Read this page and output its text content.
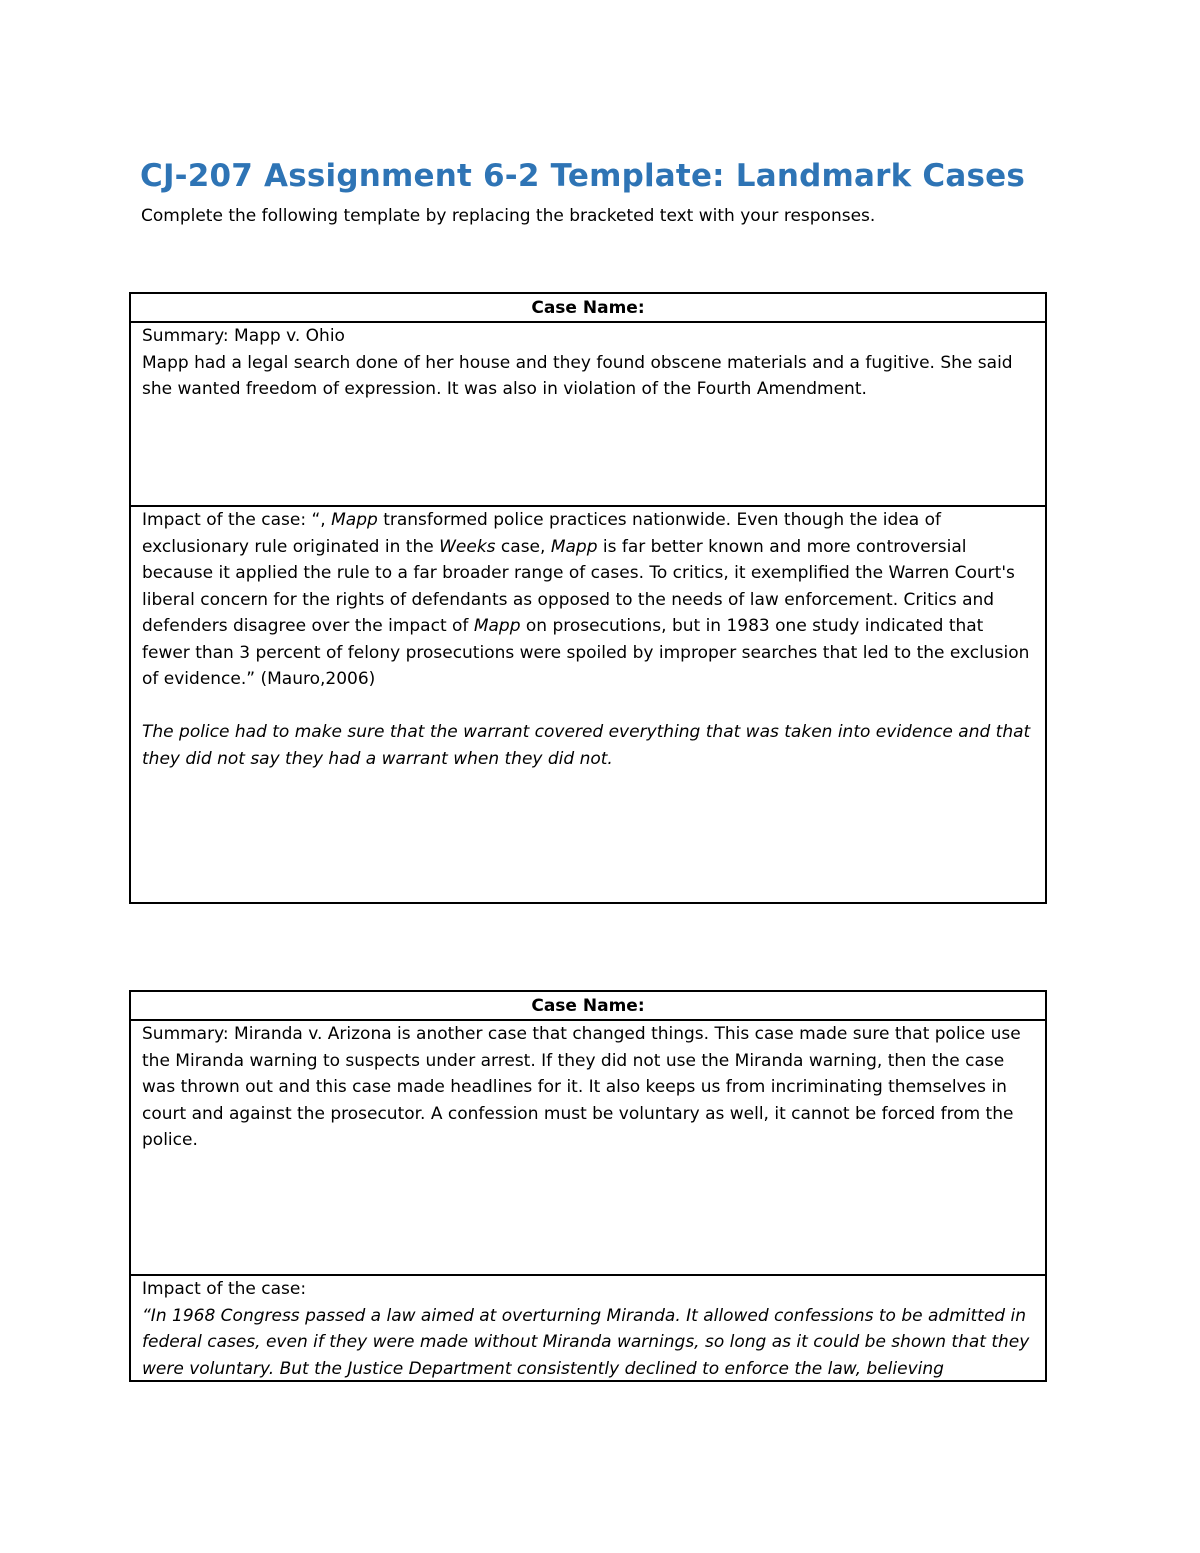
CJ-207 Assignment 6-2 Template: Landmark Cases

Complete the following template by replacing the bracketed text with your responses.

Case Name:

Summary: Mapp v. Ohio
Mapp had a legal search done of her house and they found obscene materials and a fugitive. She said she wanted freedom of expression. It was also in violation of the Fourth Amendment.

Impact of the case: “, Mapp transformed police practices nationwide. Even though the idea of exclusionary rule originated in the Weeks case, Mapp is far better known and more controversial because it applied the rule to a far broader range of cases. To critics, it exemplified the Warren Court's liberal concern for the rights of defendants as opposed to the needs of law enforcement. Critics and defenders disagree over the impact of Mapp on prosecutions, but in 1983 one study indicated that fewer than 3 percent of felony prosecutions were spoiled by improper searches that led to the exclusion of evidence.” (Mauro,2006)
The police had to make sure that the warrant covered everything that was taken into evidence and that they did not say they had a warrant when they did not.
Case Name:

Summary: Miranda v. Arizona is another case that changed things. This case made sure that police use the Miranda warning to suspects under arrest. If they did not use the Miranda warning, then the case was thrown out and this case made headlines for it. It also keeps us from incriminating themselves in court and against the prosecutor. A confession must be voluntary as well, it cannot be forced from the police.

Impact of the case:
“In 1968 Congress passed a law aimed at overturning Miranda. It allowed confessions to be admitted in federal cases, even if they were made without Miranda warnings, so long as it could be shown that they were voluntary. But the Justice Department consistently declined to enforce the law, believing
